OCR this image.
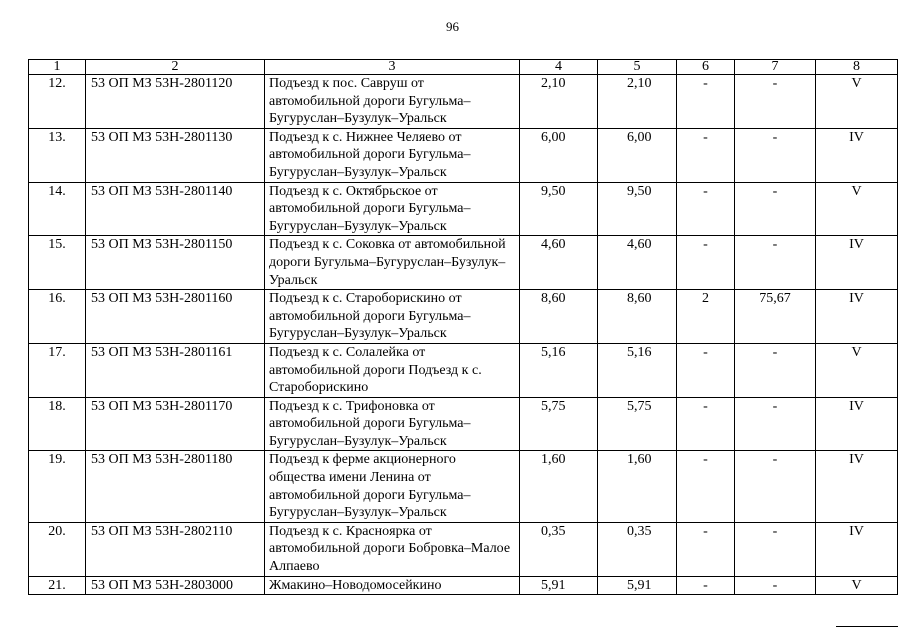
96
1	2	3	4	5	6	7	8
12.	53 ОП МЗ 53Н-2801120	Подъезд к пос. Савруш от автомобильной дороги Бугульма–Бугуруслан–Бузулук–Уральск	2,10	2,10	-	-	V
13.	53 ОП МЗ 53Н-2801130	Подъезд к с. Нижнее Челяево от автомобильной дороги Бугульма–Бугуруслан–Бузулук–Уральск	6,00	6,00	-	-	IV
14.	53 ОП МЗ 53Н-2801140	Подъезд к с. Октябрьское от автомобильной дороги Бугульма–Бугуруслан–Бузулук–Уральск	9,50	9,50	-	-	V
15.	53 ОП МЗ 53Н-2801150	Подъезд к с. Соковка от автомобильной дороги Бугульма–Бугуруслан–Бузулук–Уральск	4,60	4,60	-	-	IV
16.	53 ОП МЗ 53Н-2801160	Подъезд к с. Староборискино от автомобильной дороги Бугульма–Бугуруслан–Бузулук–Уральск	8,60	8,60	2	75,67	IV
17.	53 ОП МЗ 53Н-2801161	Подъезд к с. Солалейка от автомобильной дороги Подъезд к с. Староборискино	5,16	5,16	-	-	V
18.	53 ОП МЗ 53Н-2801170	Подъезд к с. Трифоновка от автомобильной дороги Бугульма–Бугуруслан–Бузулук–Уральск	5,75	5,75	-	-	IV
19.	53 ОП МЗ 53Н-2801180	Подъезд к ферме акционерного общества имени Ленина от автомобильной дороги Бугульма–Бугуруслан–Бузулук–Уральск	1,60	1,60	-	-	IV
20.	53 ОП МЗ 53Н-2802110	Подъезд к с. Краснoярка от автомобильной дороги Бобровка–Малое Алпаево	0,35	0,35	-	-	IV
21.	53 ОП МЗ 53Н-2803000	Жмакино–Новодомосейкино	5,91	5,91	-	-	V
